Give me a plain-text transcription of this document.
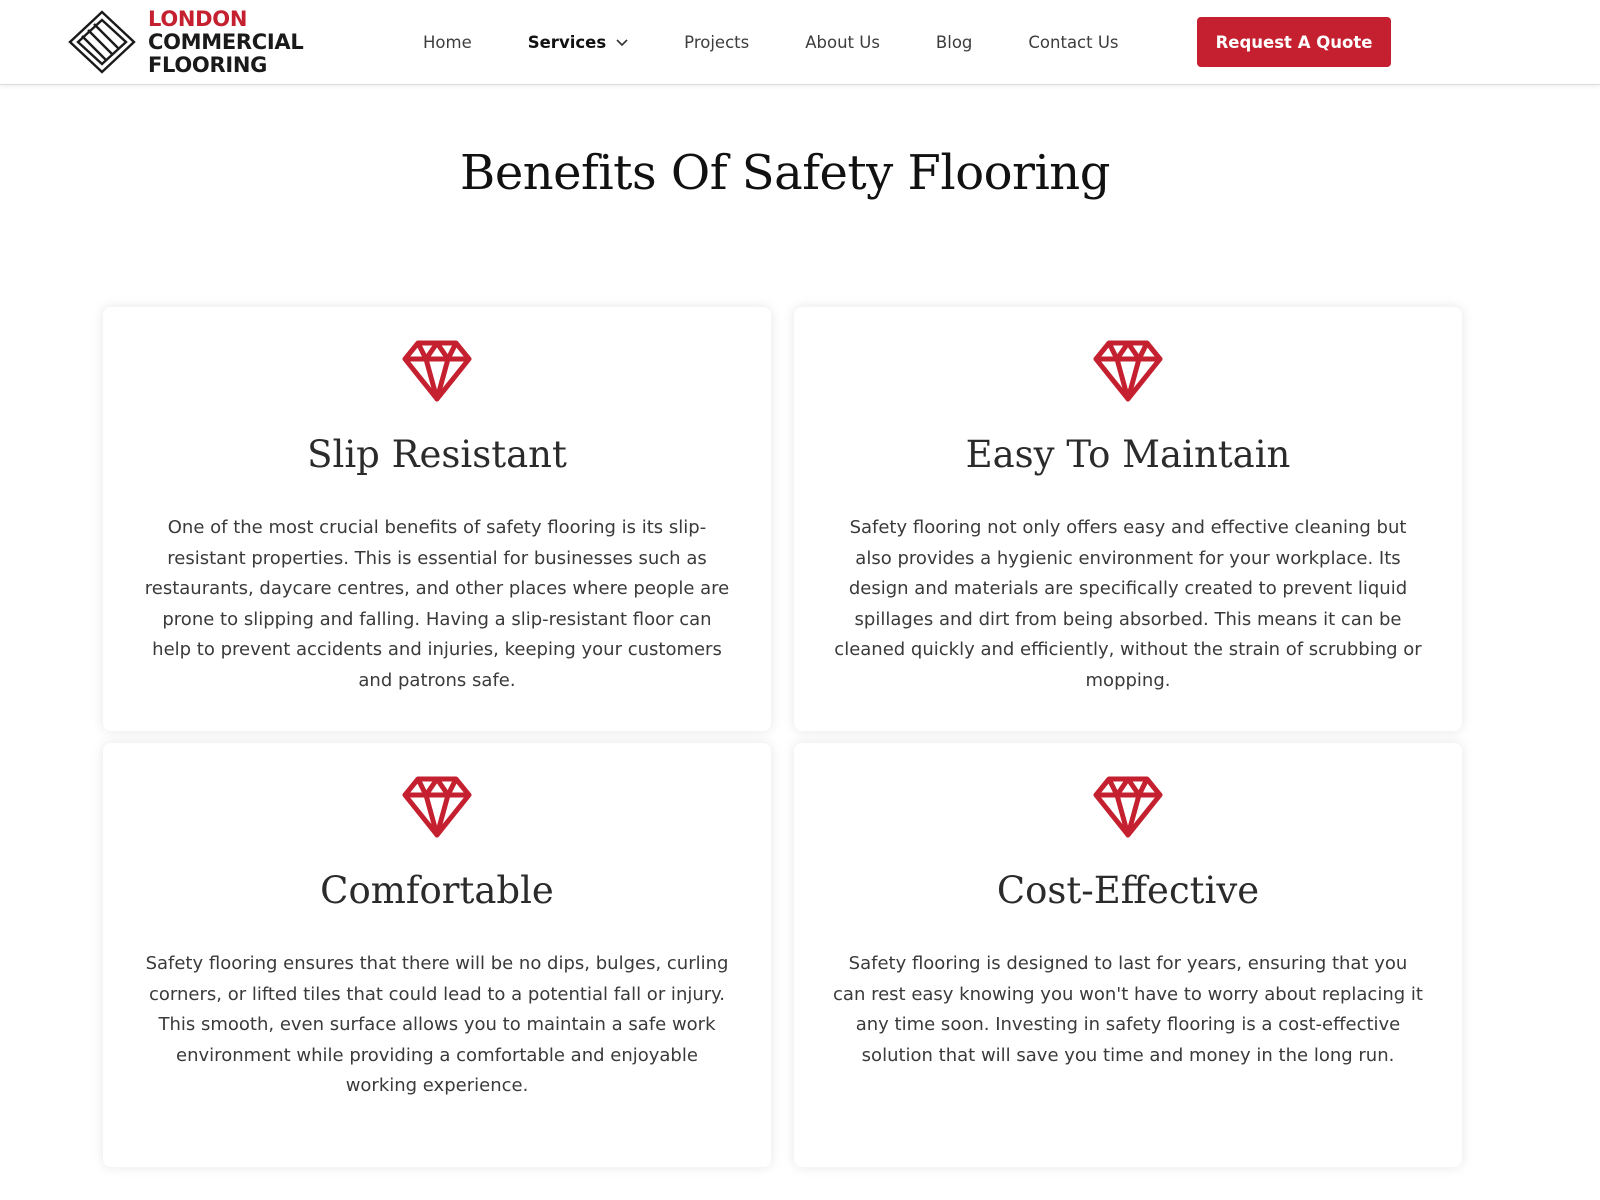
LONDON
COMMERCIAL
FLOORING
Home	Services	Projects	About Us	Blog	Contact Us	Request A Quote
Benefits Of Safety Flooring
Slip Resistant

One of the most crucial benefits of safety flooring is its slip-resistant properties. This is essential for businesses such as restaurants, daycare centres, and other places where people are prone to slipping and falling. Having a slip-resistant floor can help to prevent accidents and injuries, keeping your customers and patrons safe.

Easy To Maintain

Safety flooring not only offers easy and effective cleaning but also provides a hygienic environment for your workplace. Its design and materials are specifically created to prevent liquid spillages and dirt from being absorbed. This means it can be cleaned quickly and efficiently, without the strain of scrubbing or mopping.

Comfortable

Safety flooring ensures that there will be no dips, bulges, curling corners, or lifted tiles that could lead to a potential fall or injury. This smooth, even surface allows you to maintain a safe work environment while providing a comfortable and enjoyable working experience.

Cost-Effective

Safety flooring is designed to last for years, ensuring that you can rest easy knowing you won't have to worry about replacing it any time soon. Investing in safety flooring is a cost-effective solution that will save you time and money in the long run.
